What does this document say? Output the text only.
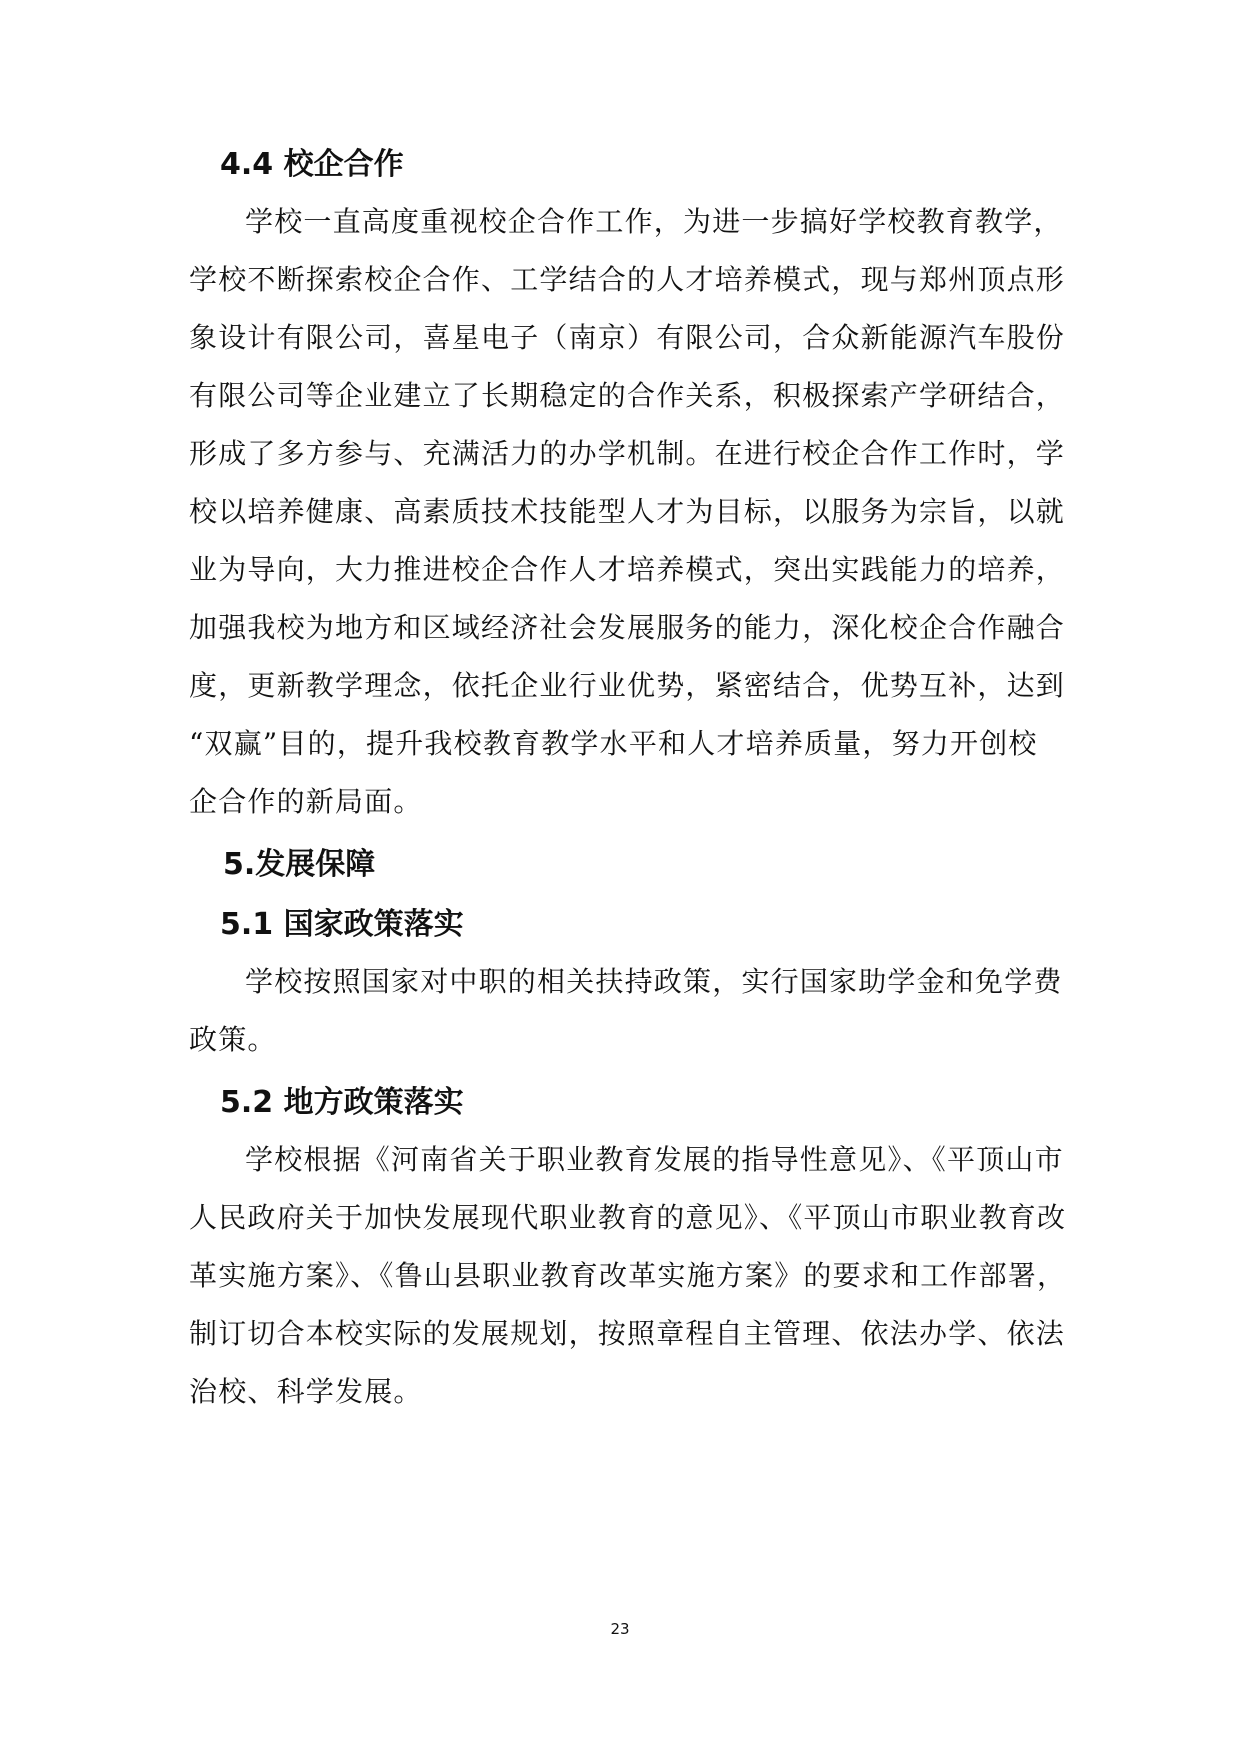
4.4 校企合作
学校一直高度重视校企合作工作，为进一步搞好学校教育教学，
学校不断探索校企合作、工学结合的人才培养模式，现与郑州顶点形
象设计有限公司，喜星电子（南京）有限公司，合众新能源汽车股份
有限公司等企业建立了长期稳定的合作关系，积极探索产学研结合，
形成了多方参与、充满活力的办学机制。在进行校企合作工作时，学
校以培养健康、高素质技术技能型人才为目标，以服务为宗旨，以就
业为导向，大力推进校企合作人才培养模式，突出实践能力的培养，
加强我校为地方和区域经济社会发展服务的能力，深化校企合作融合
度，更新教学理念，依托企业行业优势，紧密结合，优势互补，达到
“双赢”目的，提升我校教育教学水平和人才培养质量，努力开创校
企合作的新局面。
5.发展保障
5.1 国家政策落实
学校按照国家对中职的相关扶持政策，实行国家助学金和免学费
政策。
5.2 地方政策落实
学校根据《河南省关于职业教育发展的指导性意见》、《平顶山市
人民政府关于加快发展现代职业教育的意见》、《平顶山市职业教育改
革实施方案》、《鲁山县职业教育改革实施方案》的要求和工作部署，
制订切合本校实际的发展规划，按照章程自主管理、依法办学、依法
治校、科学发展。
23
